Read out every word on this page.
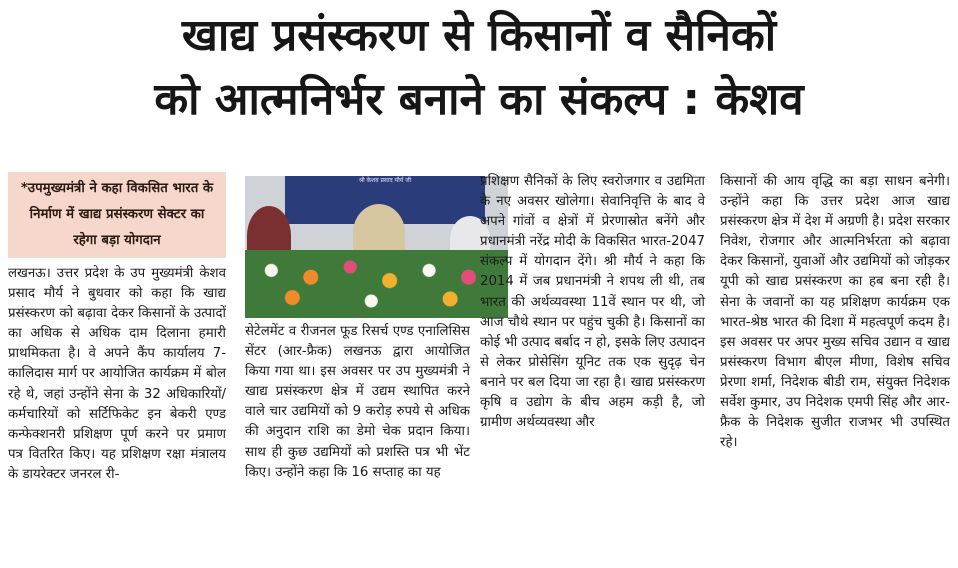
खाद्य प्रसंस्करण से किसानों व सैनिकों
को आत्मनिर्भर बनाने का संकल्प : केशव
*उपमुख्यमंत्री ने कहा विकसित भारत के निर्माण में खाद्य प्रसंस्करण सेक्टर का रहेगा बड़ा योगदान
श्री केशव प्रसाद मौर्य जी

लखनऊ। उत्तर प्रदेश के उप मुख्यमंत्री केशव प्रसाद मौर्य ने बुधवार को कहा कि खाद्य प्रसंस्करण को बढ़ावा देकर किसानों के उत्पादों का अधिक से अधिक दाम दिलाना हमारी प्राथमिकता है। वे अपने कैंप कार्यालय 7-कालिदास मार्ग पर आयोजित कार्यक्रम में बोल रहे थे, जहां उन्होंने सेना के 32 अधिकारियों/कर्मचारियों को सर्टिफिकेट इन बेकरी एण्ड कन्फेक्शनरी प्रशिक्षण पूर्ण करने पर प्रमाण पत्र वितरित किए। यह प्रशिक्षण रक्षा मंत्रालय के डायरेक्टर जनरल री-

सेटेलमेंट व रीजनल फूड रिसर्च एण्ड एनालिसिस सेंटर (आर-फ्रैक) लखनऊ द्वारा आयोजित किया गया था। इस अवसर पर उप मुख्यमंत्री ने खाद्य प्रसंस्करण क्षेत्र में उद्यम स्थापित करने वाले चार उद्यमियों को 9 करोड़ रुपये से अधिक की अनुदान राशि का डेमो चेक प्रदान किया। साथ ही कुछ उद्यमियों को प्रशस्ति पत्र भी भेंट किए। उन्होंने कहा कि 16 सप्ताह का यह

प्रशिक्षण सैनिकों के लिए स्वरोजगार व उद्यमिता के नए अवसर खोलेगा। सेवानिवृत्ति के बाद वे अपने गांवों व क्षेत्रों में प्रेरणास्रोत बनेंगे और प्रधानमंत्री नरेंद्र मोदी के विकसित भारत-2047 संकल्प में योगदान देंगे। श्री मौर्य ने कहा कि 2014 में जब प्रधानमंत्री ने शपथ ली थी, तब भारत की अर्थव्यवस्था 11वें स्थान पर थी, जो आज चौथे स्थान पर पहुंच चुकी है। किसानों का कोई भी उत्पाद बर्बाद न हो, इसके लिए उत्पादन से लेकर प्रोसेसिंग यूनिट तक एक सुदृढ़ चेन बनाने पर बल दिया जा रहा है। खाद्य प्रसंस्करण कृषि व उद्योग के बीच अहम कड़ी है, जो ग्रामीण अर्थव्यवस्था और

किसानों की आय वृद्धि का बड़ा साधन बनेगी। उन्होंने कहा कि उत्तर प्रदेश आज खाद्य प्रसंस्करण क्षेत्र में देश में अग्रणी है। प्रदेश सरकार निवेश, रोजगार और आत्मनिर्भरता को बढ़ावा देकर किसानों, युवाओं और उद्यमियों को जोड़कर यूपी को खाद्य प्रसंस्करण का हब बना रही है। सेना के जवानों का यह प्रशिक्षण कार्यक्रम एक भारत-श्रेष्ठ भारत की दिशा में महत्वपूर्ण कदम है। इस अवसर पर अपर मुख्य सचिव उद्यान व खाद्य प्रसंस्करण विभाग बीएल मीणा, विशेष सचिव प्रेरणा शर्मा, निदेशक बीडी राम, संयुक्त निदेशक सर्वेश कुमार, उप निदेशक एमपी सिंह और आर-फ्रैक के निदेशक सुजीत राजभर भी उपस्थित रहे।
